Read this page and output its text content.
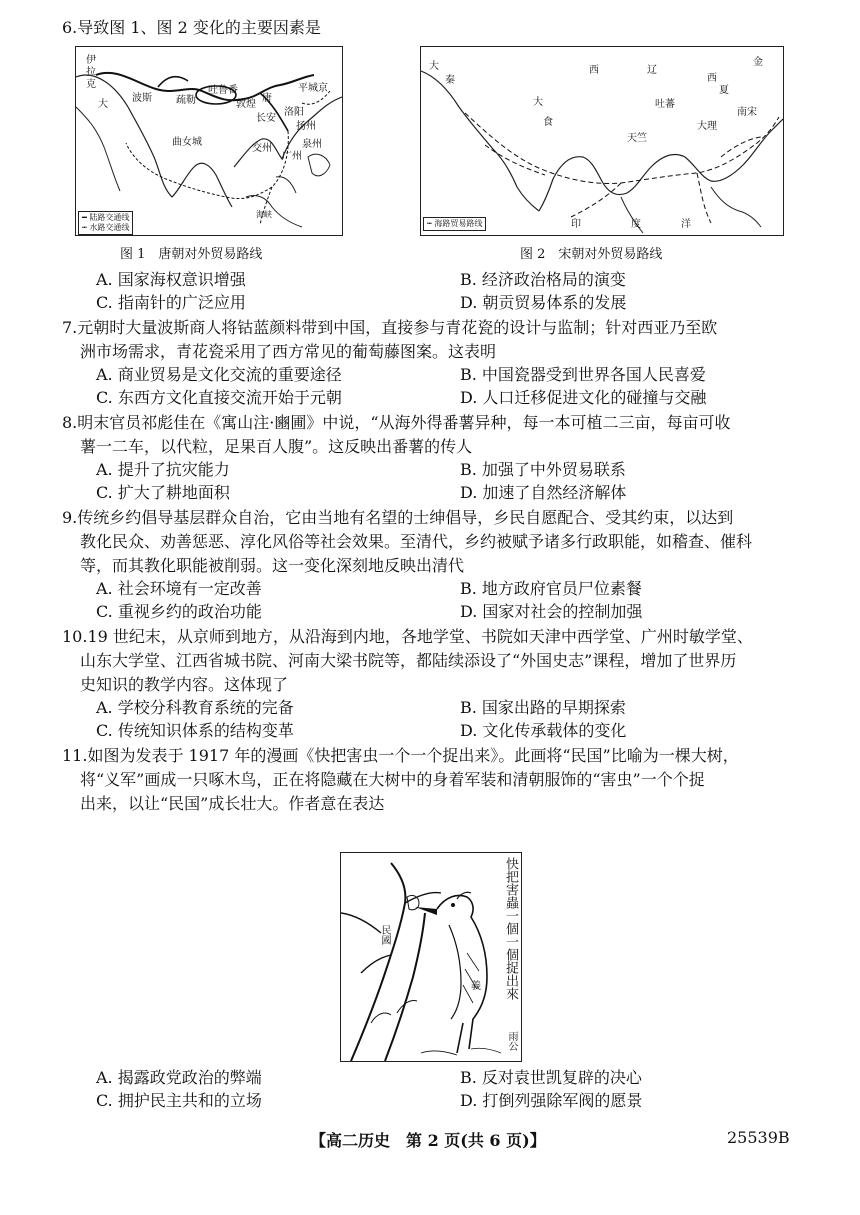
6.导致图 1、图 2 变化的主要因素是
伊
拉
克
大
波斯 疏勒
吐鲁番
敦煌
唐
长安
洛阳
扬州
平城京
泉州
广州
交州
曲女城
海峡
━ 陆路交通线
┅ 水路交通线
图 1　唐朝对外贸易路线
大
秦
西	辽
西
夏
金
大
食
吐蕃
天竺
大理
南宋
印	度	洋
┅ 海路贸易路线
图 2　宋朝对外贸易路线
A. 国家海权意识增强	B. 经济政治格局的演变
C. 指南针的广泛应用	D. 朝贡贸易体系的发展
7.元朝时大量波斯商人将钴蓝颜料带到中国，直接参与青花瓷的设计与监制；针对西亚乃至欧
洲市场需求，青花瓷采用了西方常见的葡萄藤图案。这表明
A. 商业贸易是文化交流的重要途径	B. 中国瓷器受到世界各国人民喜爱
C. 东西方文化直接交流开始于元朝	D. 人口迁移促进文化的碰撞与交融
8.明末官员祁彪佳在《寓山注·豳圃》中说，“从海外得番薯异种，每一本可植二三亩，每亩可收
薯一二车，以代粒，足果百人腹”。这反映出番薯的传人
A. 提升了抗灾能力	B. 加强了中外贸易联系
C. 扩大了耕地面积	D. 加速了自然经济解体
9.传统乡约倡导基层群众自治，它由当地有名望的士绅倡导，乡民自愿配合、受其约束，以达到
教化民众、劝善惩恶、淳化风俗等社会效果。至清代，乡约被赋予诸多行政职能，如稽查、催科
等，而其教化职能被削弱。这一变化深刻地反映出清代
A. 社会环境有一定改善	B. 地方政府官员尸位素餐
C. 重视乡约的政治功能	D. 国家对社会的控制加强
10.19 世纪末，从京师到地方，从沿海到内地，各地学堂、书院如天津中西学堂、广州时敏学堂、
山东大学堂、江西省城书院、河南大梁书院等，都陆续添设了“外国史志”课程，增加了世界历
史知识的教学内容。这体现了
A. 学校分科教育系统的完备	B. 国家出路的早期探索
C. 传统知识体系的结构变革	D. 文化传承载体的变化
11.如图为发表于 1917 年的漫画《快把害虫一个一个捉出来》。此画将“民国”比喻为一棵大树，
将“义军”画成一只啄木鸟，正在将隐藏在大树中的身着军装和清朝服饰的“害虫”一个个捉
出来，以让“民国”成长壮大。作者意在表达
快把害蟲一個一個捉出來
雨公
民國
義
A. 揭露政党政治的弊端	B. 反对袁世凯复辟的决心
C. 拥护民主共和的立场	D. 打倒列强除军阀的愿景
【高二历史　第 2 页(共 6 页)】	25539B
